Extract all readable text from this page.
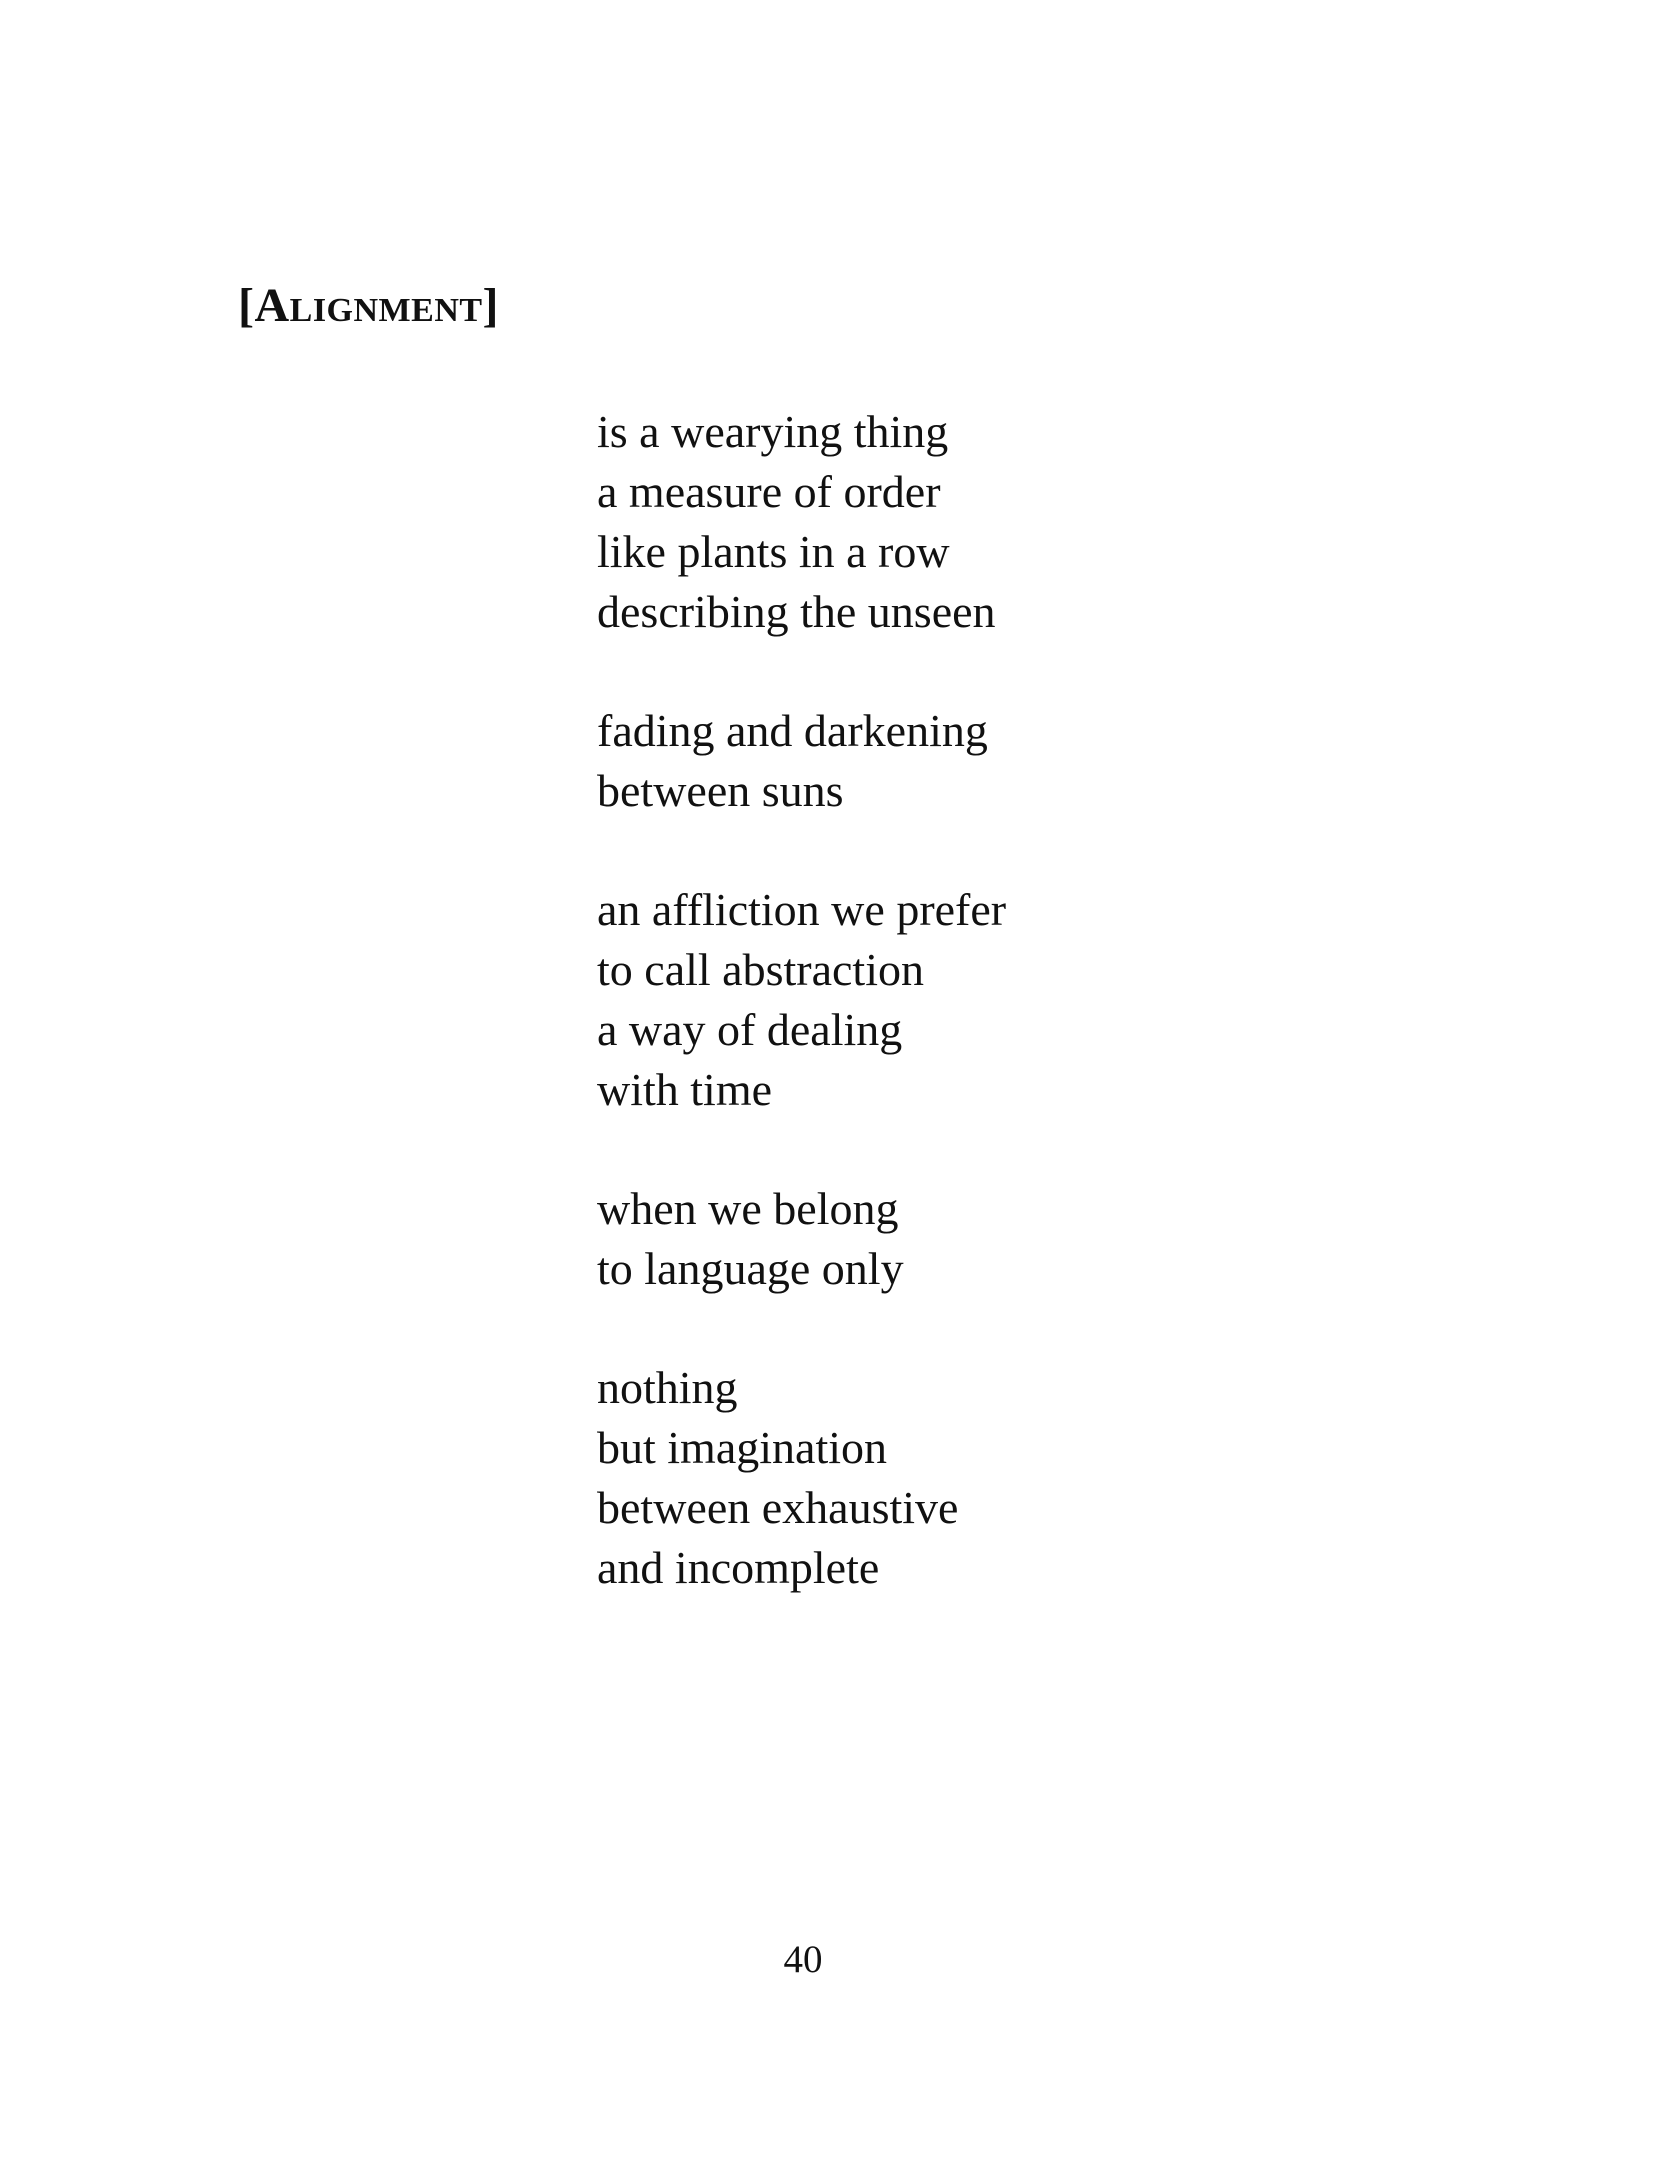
[Alignment]
is a wearying thing
a measure of order
like plants in a row
describing the unseen
fading and darkening
between suns
an affliction we prefer
to call abstraction
a way of dealing
with time
when we belong
to language only
nothing
but imagination
between exhaustive
and incomplete
40
